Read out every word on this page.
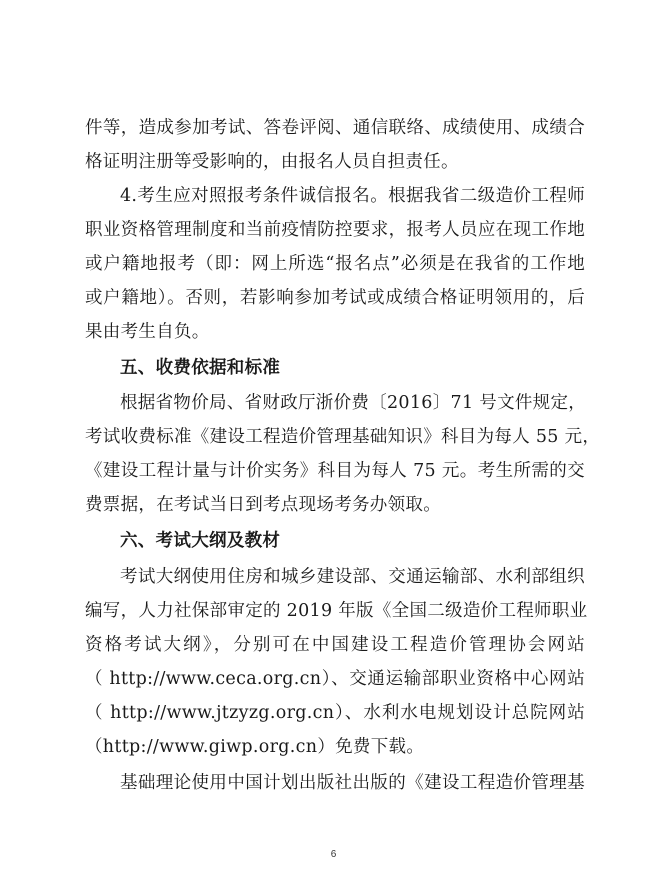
件等，造成参加考试、答卷评阅、通信联络、成绩使用、成绩合
格证明注册等受影响的，由报名人员自担责任。
4.考生应对照报考条件诚信报名。根据我省二级造价工程师
职业资格管理制度和当前疫情防控要求，报考人员应在现工作地
或户籍地报考（即：网上所选“报名点”必须是在我省的工作地
或户籍地）。否则，若影响参加考试或成绩合格证明领用的，后
果由考生自负。
五、收费依据和标准
根据省物价局、省财政厅浙价费〔2016〕71 号文件规定，
考试收费标准《建设工程造价管理基础知识》科目为每人 55 元，
《建设工程计量与计价实务》科目为每人 75 元。考生所需的交
费票据，在考试当日到考点现场考务办领取。
六、考试大纲及教材
考试大纲使用住房和城乡建设部、交通运输部、水利部组织
编写，人力社保部审定的 2019 年版《全国二级造价工程师职业
资格考试大纲》，分别可在中国建设工程造价管理协会网站
（ http://www.ceca.org.cn）、交通运输部职业资格中心网站
（ http://www.jtzyzg.org.cn）、水利水电规划设计总院网站
（http://www.giwp.org.cn）免费下载。
基础理论使用中国计划出版社出版的《建设工程造价管理基
6
